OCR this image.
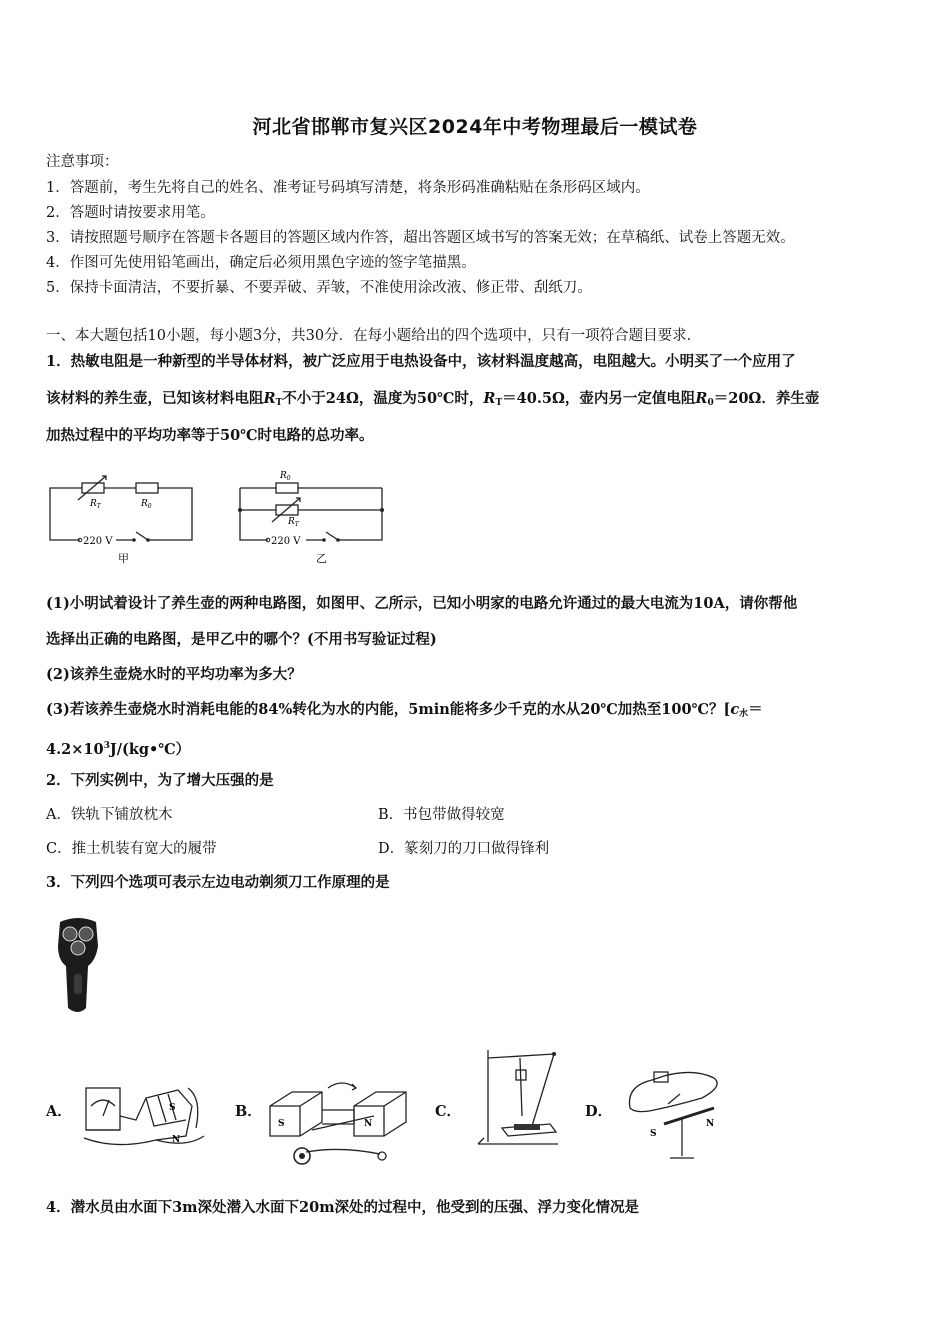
河北省邯郸市复兴区2024年中考物理最后一模试卷
注意事项：
1．答题前，考生先将自己的姓名、准考证号码填写清楚，将条形码准确粘贴在条形码区域内。
2．答题时请按要求用笔。
3．请按照题号顺序在答题卡各题目的答题区域内作答，超出答题区域书写的答案无效；在草稿纸、试卷上答题无效。
4．作图可先使用铅笔画出，确定后必须用黑色字迹的签字笔描黑。
5．保持卡面清洁，不要折暴、不要弄破、弄皱，不准使用涂改液、修正带、刮纸刀。
一、本大题包括10小题，每小题3分，共30分．在每小题给出的四个选项中，只有一项符合题目要求．
1．热敏电阻是一种新型的半导体材料，被广泛应用于电热设备中，该材料温度越高，电阻越大。小明买了一个应用了
该材料的养生壶，已知该材料电阻$R_T$不小于24Ω，温度为50℃时，$R_T=40.5\Omega$，壶内另一定值电阻$R_0=20\Omega$．养生壶
加热过程中的平均功率等于50℃时电路的总功率。
$R_T$	$R_0$
220 V
甲
$R_0$
$R_T$
220 V
乙
(1)小明试着设计了养生壶的两种电路图，如图甲、乙所示，已知小明家的电路允许通过的最大电流为10A，请你帮他
选择出正确的电路图，是甲乙中的哪个？(不用书写验证过程)
(2)该养生壶烧水时的平均功率为多大？
(3)若该养生壶烧水时消耗电能的84%转化为水的内能，5min能将多少千克的水从20℃加热至100℃？[$c_水=$
$4.2\times 10^3J/(kg•℃)$
2．下列实例中，为了增大压强的是
A．铁轨下铺放枕木	B．书包带做得较宽
C．推土机装有宽大的履带	D．篆刻刀的刀口做得锋利
3．下列四个选项可表示左边电动剃须刀工作原理的是
A．	B．	C．	D．
S
N
S	N
S
N
4．潜水员由水面下3m深处潜入水面下20m深处的过程中，他受到的压强、浮力变化情况是
